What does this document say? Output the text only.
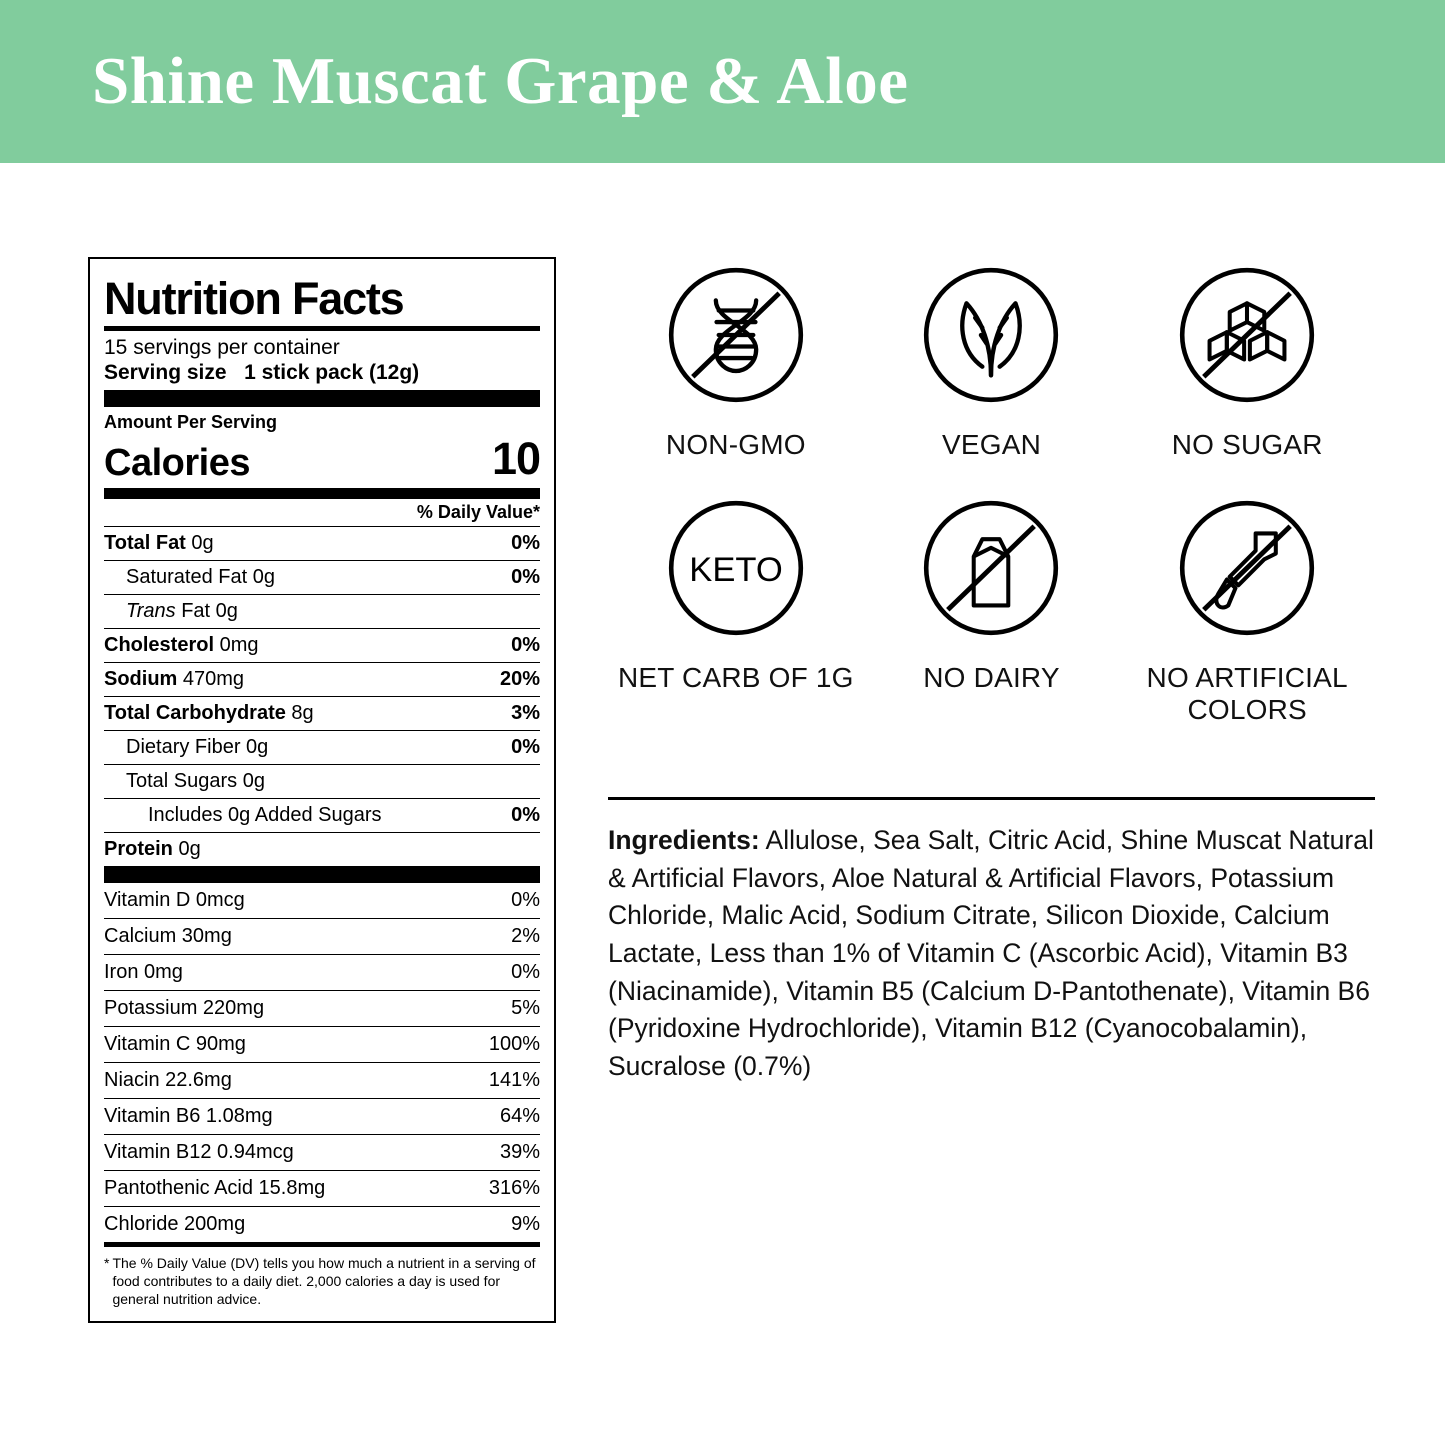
Shine Muscat Grape & Aloe
Nutrition Facts
15 servings per container
Serving size 1 stick pack (12g)
Amount Per Serving
Calories	10
% Daily Value*
Total Fat 0g	0%
Saturated Fat 0g	0%
Trans Fat 0g
Cholesterol 0mg	0%
Sodium 470mg	20%
Total Carbohydrate 8g	3%
Dietary Fiber 0g	0%
Total Sugars 0g
Includes 0g Added Sugars	0%
Protein 0g
Vitamin D 0mcg	0%
Calcium 30mg	2%
Iron 0mg	0%
Potassium 220mg	5%
Vitamin C 90mg	100%
Niacin 22.6mg	141%
Vitamin B6 1.08mg	64%
Vitamin B12 0.94mcg	39%
Pantothenic Acid 15.8mg	316%
Chloride 200mg	9%
* The % Daily Value (DV) tells you how much a nutrient in a serving of food contributes to a daily diet. 2,000 calories a day is used for general nutrition advice.
NON-GMO	VEGAN	NO SUGAR
KETO
NET CARB OF 1G NO DAIRY	NO ARTIFICIAL COLORS
Ingredients: Allulose, Sea Salt, Citric Acid, Shine Muscat Natural & Artificial Flavors, Aloe Natural & Artificial Flavors, Potassium Chloride, Malic Acid, Sodium Citrate, Silicon Dioxide, Calcium Lactate, Less than 1% of Vitamin C (Ascorbic Acid), Vitamin B3 (Niacinamide), Vitamin B5 (Calcium D-Pantothenate), Vitamin B6 (Pyridoxine Hydrochloride), Vitamin B12 (Cyanocobalamin), Sucralose (0.7%)
